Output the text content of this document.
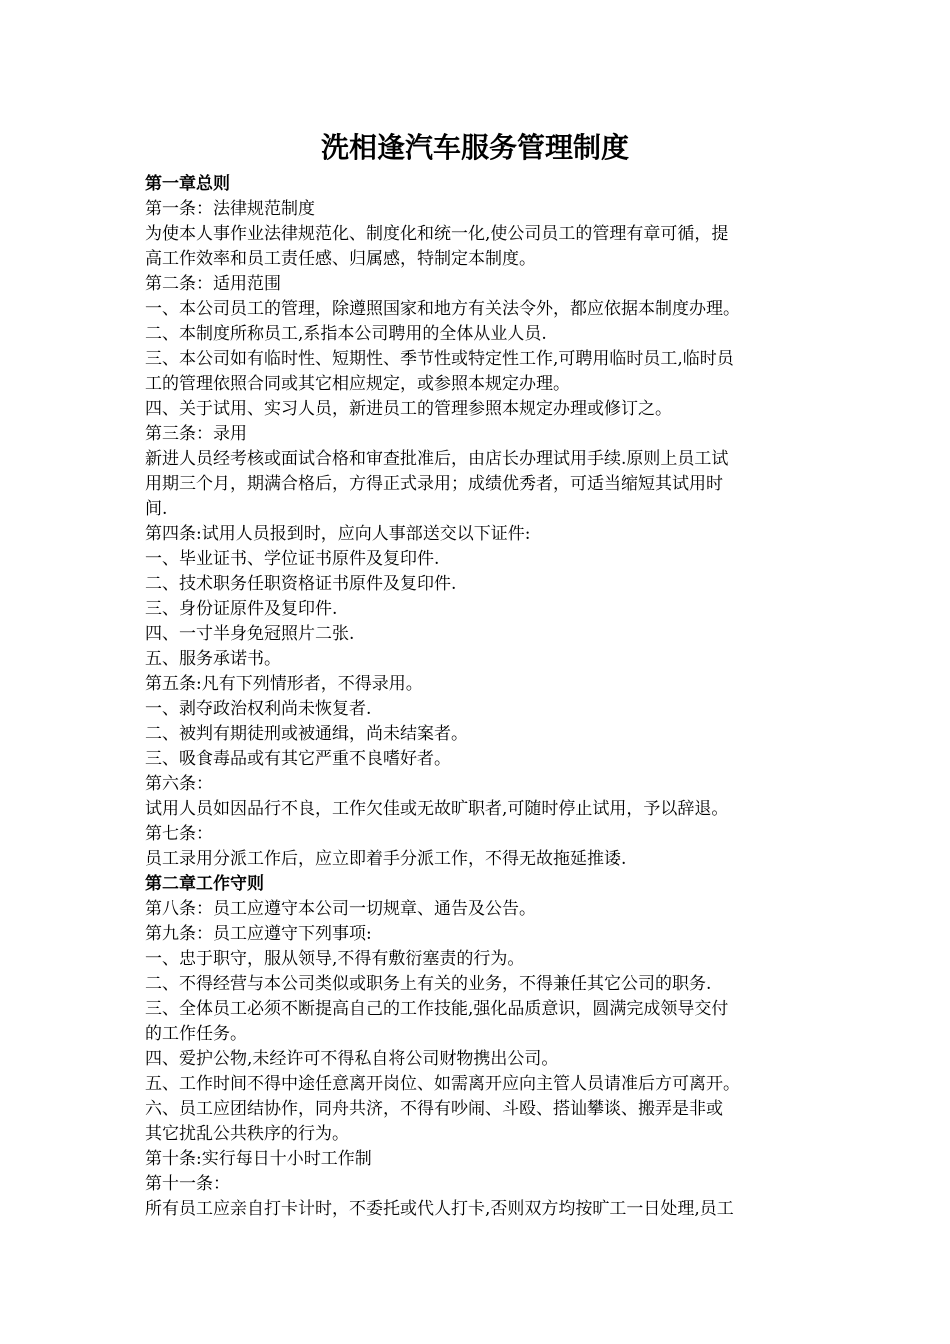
洗相逢汽车服务管理制度
第一章总则
第一条：法律规范制度
为使本人事作业法律规范化、制度化和统一化,使公司员工的管理有章可循，提
高工作效率和员工责任感、归属感，特制定本制度。
第二条：适用范围
一、本公司员工的管理，除遵照国家和地方有关法令外，都应依据本制度办理。
二、本制度所称员工,系指本公司聘用的全体从业人员.
三、本公司如有临时性、短期性、季节性或特定性工作,可聘用临时员工,临时员
工的管理依照合同或其它相应规定，或参照本规定办理。
四、关于试用、实习人员，新进员工的管理参照本规定办理或修订之。
第三条：录用
新进人员经考核或面试合格和审查批准后，由店长办理试用手续.原则上员工试
用期三个月，期满合格后，方得正式录用；成绩优秀者，可适当缩短其试用时
间.
第四条:试用人员报到时，应向人事部送交以下证件:
一、毕业证书、学位证书原件及复印件.
二、技术职务任职资格证书原件及复印件.
三、身份证原件及复印件.
四、一寸半身免冠照片二张.
五、服务承诺书。
第五条:凡有下列情形者，不得录用。
一、剥夺政治权利尚未恢复者.
二、被判有期徒刑或被通缉，尚未结案者。
三、吸食毒品或有其它严重不良嗜好者。
第六条：
试用人员如因品行不良，工作欠佳或无故旷职者,可随时停止试用，予以辞退。
第七条：
员工录用分派工作后，应立即着手分派工作，不得无故拖延推诿.
第二章工作守则
第八条：员工应遵守本公司一切规章、通告及公告。
第九条：员工应遵守下列事项:
一、忠于职守，服从领导,不得有敷衍塞责的行为。
二、不得经营与本公司类似或职务上有关的业务，不得兼任其它公司的职务.
三、全体员工必须不断提高自己的工作技能,强化品质意识，圆满完成领导交付
的工作任务。
四、爱护公物,未经许可不得私自将公司财物携出公司。
五、工作时间不得中途任意离开岗位、如需离开应向主管人员请准后方可离开。
六、员工应团结协作，同舟共济，不得有吵闹、斗殴、搭讪攀谈、搬弄是非或
其它扰乱公共秩序的行为。
第十条:实行每日十小时工作制
第十一条：
所有员工应亲自打卡计时，不委托或代人打卡,否则双方均按旷工一日处理,员工
